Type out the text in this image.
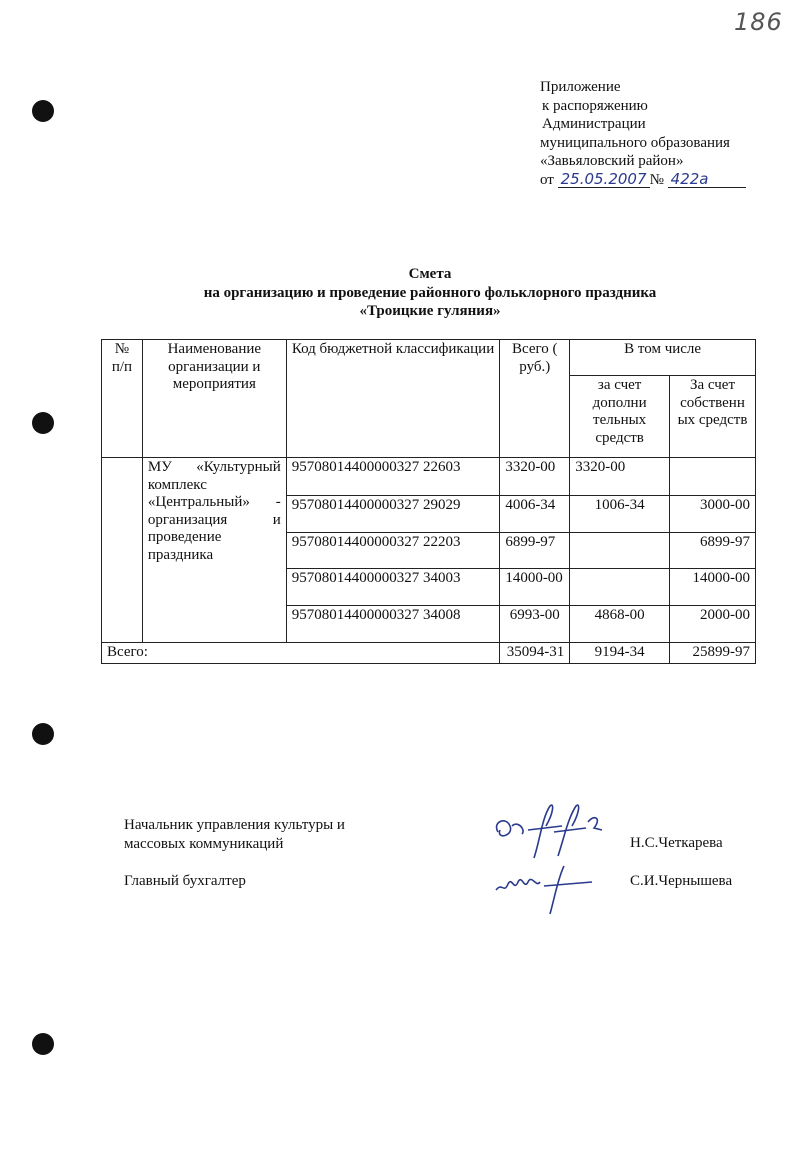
186
Приложение
к распоряжению
Администрации
муниципального образования
«Завьяловский район»
от 25.05.2007 № 422а
Смета
на организацию и проведение районного фольклорного праздника
«Троицкие гуляния»
№ п/п	Наименование организации и мероприятия	Код бюджетной классификации	Всего ( руб.)	В том числе	
				за счет дополни тельных средств	За счет собственн ых средств
	МУ «Культурный комплекс «Центральный» - организация и проведение праздника	95708014400000327 22603	3320-00	3320-00	
		95708014400000327 29029	4006-34	1006-34	3000-00
		95708014400000327 22203	6899-97		6899-97
		95708014400000327 34003	14000-00		14000-00
		95708014400000327 34008	6993-00	4868-00	2000-00
Всего:			35094-31	9194-34	25899-97
Начальник управления культуры и
массовых коммуникаций
Главный бухгалтер
Н.С.Четкарева
С.И.Чернышева
